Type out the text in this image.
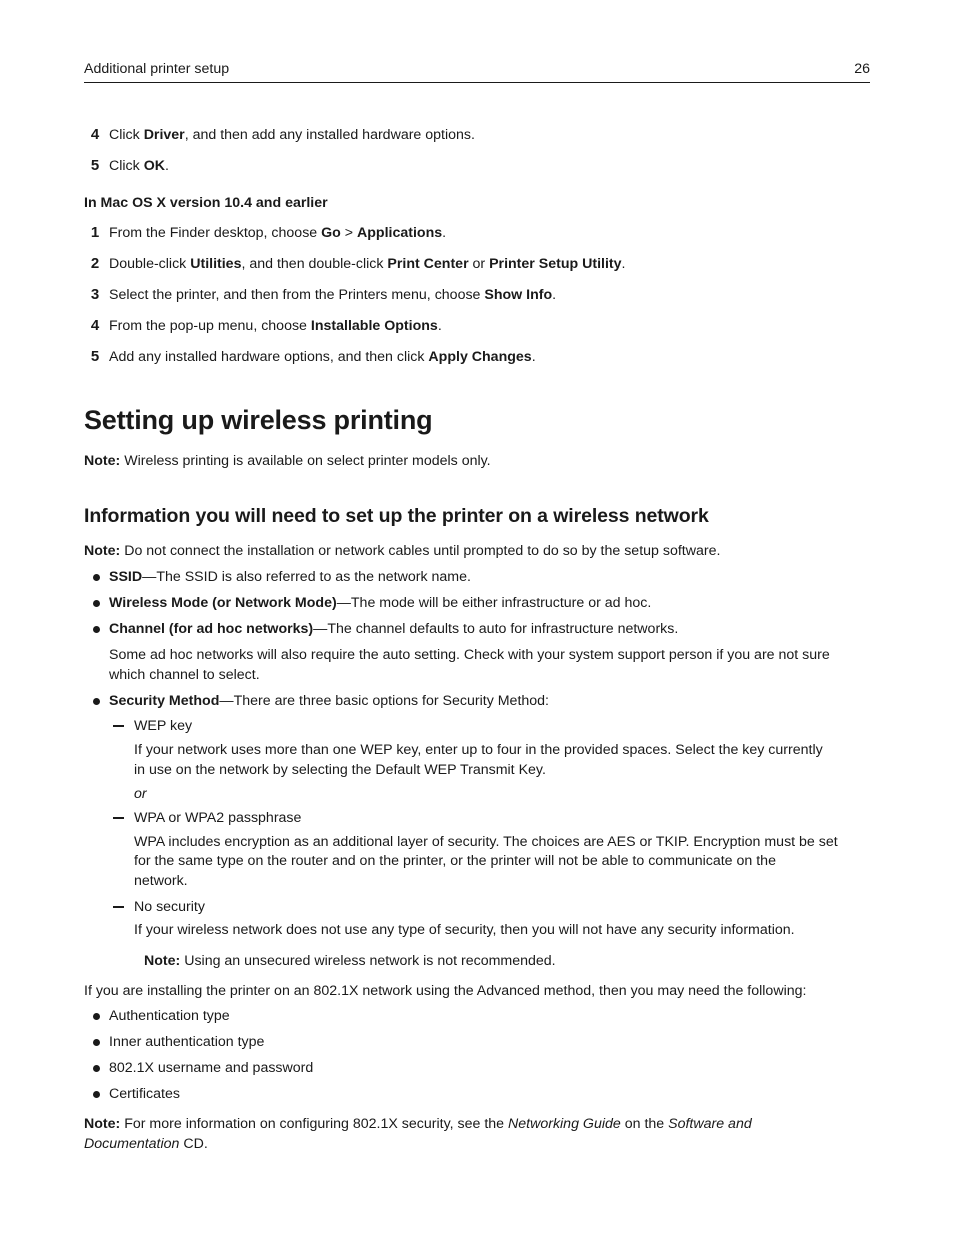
Additional printer setup	26
4 Click Driver, and then add any installed hardware options.
5 Click OK.
In Mac OS X version 10.4 and earlier
1 From the Finder desktop, choose Go > Applications.
2 Double-click Utilities, and then double-click Print Center or Printer Setup Utility.
3 Select the printer, and then from the Printers menu, choose Show Info.
4 From the pop-up menu, choose Installable Options.
5 Add any installed hardware options, and then click Apply Changes.
Setting up wireless printing
Note: Wireless printing is available on select printer models only.
Information you will need to set up the printer on a wireless network
Note: Do not connect the installation or network cables until prompted to do so by the setup software.
SSID—The SSID is also referred to as the network name.
Wireless Mode (or Network Mode)—The mode will be either infrastructure or ad hoc.
Channel (for ad hoc networks)—The channel defaults to auto for infrastructure networks.
Some ad hoc networks will also require the auto setting. Check with your system support person if you are not sure
which channel to select.
Security Method—There are three basic options for Security Method:
WEP key
If your network uses more than one WEP key, enter up to four in the provided spaces. Select the key currently
in use on the network by selecting the Default WEP Transmit Key.
or
WPA or WPA2 passphrase
WPA includes encryption as an additional layer of security. The choices are AES or TKIP. Encryption must be set
for the same type on the router and on the printer, or the printer will not be able to communicate on the
network.
No security
If your wireless network does not use any type of security, then you will not have any security information.
Note: Using an unsecured wireless network is not recommended.
If you are installing the printer on an 802.1X network using the Advanced method, then you may need the following:
Authentication type
Inner authentication type
802.1X username and password
Certificates
Note: For more information on configuring 802.1X security, see the Networking Guide on the Software and
Documentation CD.
